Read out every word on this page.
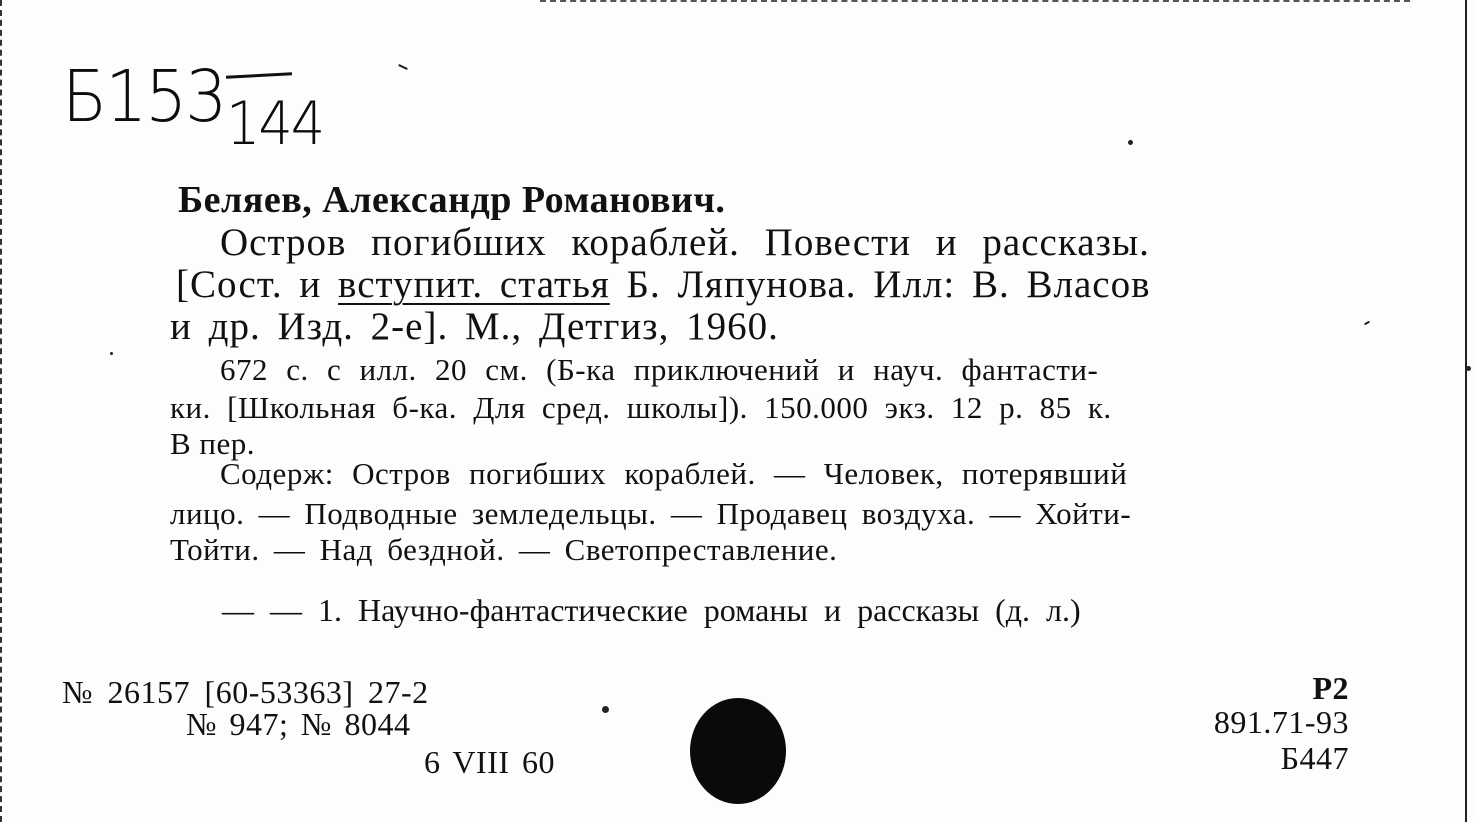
Б153 144
Беляев, Александр Романович.
Остров погибших кораблей. Повести и рассказы.
[Сост. и вступит. статья Б. Ляпунова. Илл: В. Власов
и др. Изд. 2-е]. М., Детгиз, 1960.
672 с. с илл. 20 см. (Б-ка приключений и науч. фантасти-
ки. [Школьная б-ка. Для сред. школы]). 150.000 экз. 12 р. 85 к.
В пер.
Содерж: Остров погибших кораблей. — Человек, потерявший
лицо. — Подводные земледельцы. — Продавец воздуха. — Хойти-
Тойти. — Над бездной. — Светопреставление.
— — 1. Научно-фантастические романы и рассказы (д. л.)
№ 26157 [60-53363] 27-2
№ 947; № 8044
6 VIII 60
Р2
891.71-93
Б447
